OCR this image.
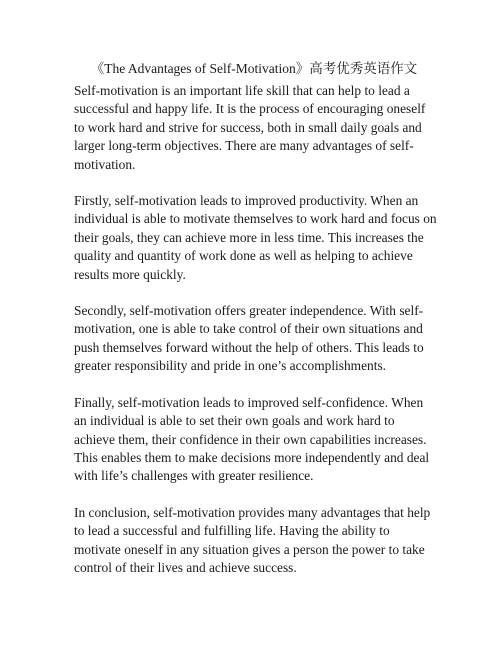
《The Advantages of Self-Motivation》高考优秀英语作文

Self-motivation is an important life skill that can help to lead a successful and happy life. It is the process of encouraging oneself to work hard and strive for success, both in small daily goals and larger long-term objectives. There are many advantages of self-motivation.

Firstly, self-motivation leads to improved productivity. When an individual is able to motivate themselves to work hard and focus on their goals, they can achieve more in less time. This increases the quality and quantity of work done as well as helping to achieve results more quickly.

Secondly, self-motivation offers greater independence. With self-motivation, one is able to take control of their own situations and push themselves forward without the help of others. This leads to greater responsibility and pride in one’s accomplishments.

Finally, self-motivation leads to improved self-confidence. When an individual is able to set their own goals and work hard to achieve them, their confidence in their own capabilities increases. This enables them to make decisions more independently and deal with life’s challenges with greater resilience.

In conclusion, self-motivation provides many advantages that help to lead a successful and fulfilling life. Having the ability to motivate oneself in any situation gives a person the power to take control of their lives and achieve success.
